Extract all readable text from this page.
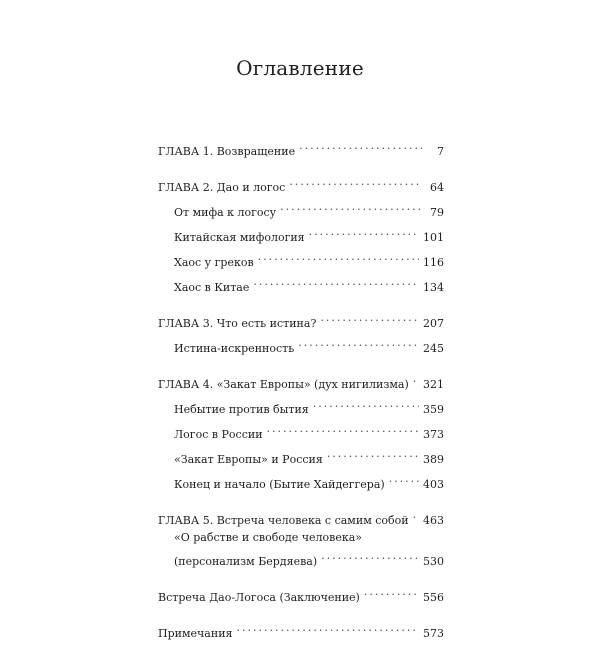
Оглавление
ГЛАВА 1. Возвращение .....	7
ГЛАВА 2. Дао и логос .....	64
От мифа к логосу .....	79
Китайская мифология .....	101
Хаос у греков .....	116
Хаос в Китае .....	134
ГЛАВА 3. Что есть истина? .....	207
Истина-искренность .....	245
ГЛАВА 4. «Закат Европы» (дух нигилизма) ..... 321
Небытие против бытия .....	359
Логос в России .....	373
«Закат Европы» и Россия .....	389
Конец и начало (Бытие Хайдеггера) .....	403
ГЛАВА 5. Встреча человека с самим собой ..... 463
«О рабстве и свободе человека»
(персонализм Бердяева) .....	530
Встреча Дао-Логоса (Заключение) .....	556
Примечания .....	573
